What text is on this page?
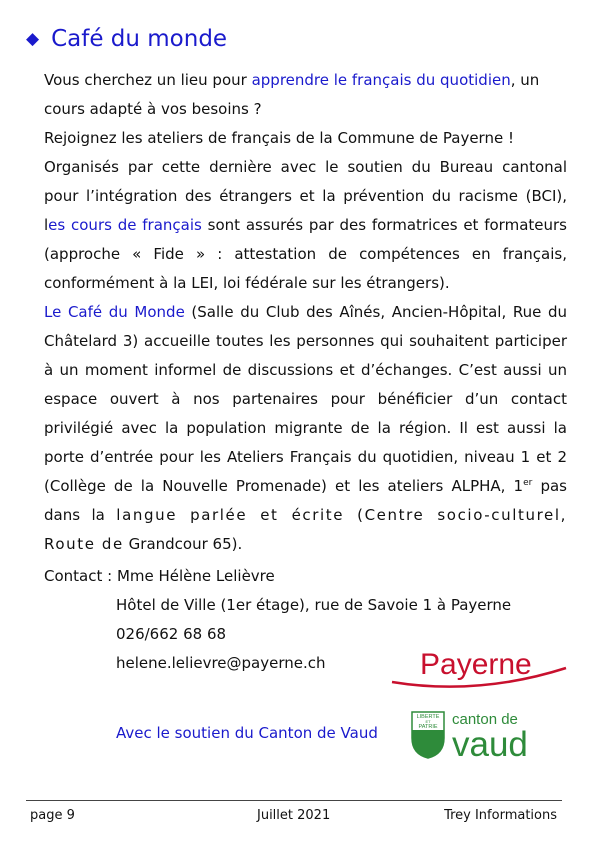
◆ Café du monde

Vous cherchez un lieu pour apprendre le français du quotidien, un cours adapté à vos besoins ?

Rejoignez les ateliers de français de la Commune de Payerne !

Organisés par cette dernière avec le soutien du Bureau cantonal pour l’intégration des étrangers et la prévention du racisme (BCI), les cours de français sont assurés par des formatrices et formateurs (approche « Fide » : attestation de compétences en français, conformément à la LEI, loi fédérale sur les étrangers).

Le Café du Monde (Salle du Club des Aînés, Ancien-Hôpital, Rue du Châtelard 3) accueille toutes les personnes qui souhaitent participer à un moment informel de discussions et d’échanges. C’est aussi un espace ouvert à nos partenaires pour bénéficier d’un contact privilégié avec la population migrante de la région. Il est aussi la porte d’entrée pour les Ateliers Français du quotidien, niveau 1 et 2 (Collège de la Nouvelle Promenade) et les ateliers ALPHA, 1er pas dans la langue parlée et écrite (Centre socio-culturel, Route de Grandcour 65).

Contact : Mme Hélène Lelièvre
Hôtel de Ville (1er étage), rue de Savoie 1 à Payerne
026/662 68 68
helene.lelievre@payerne.ch	Payerne
LIBERTE
ET
PATRIE canton de
vaud
Avec le soutien du Canton de Vaud
page 9	Juillet 2021	Trey Informations
